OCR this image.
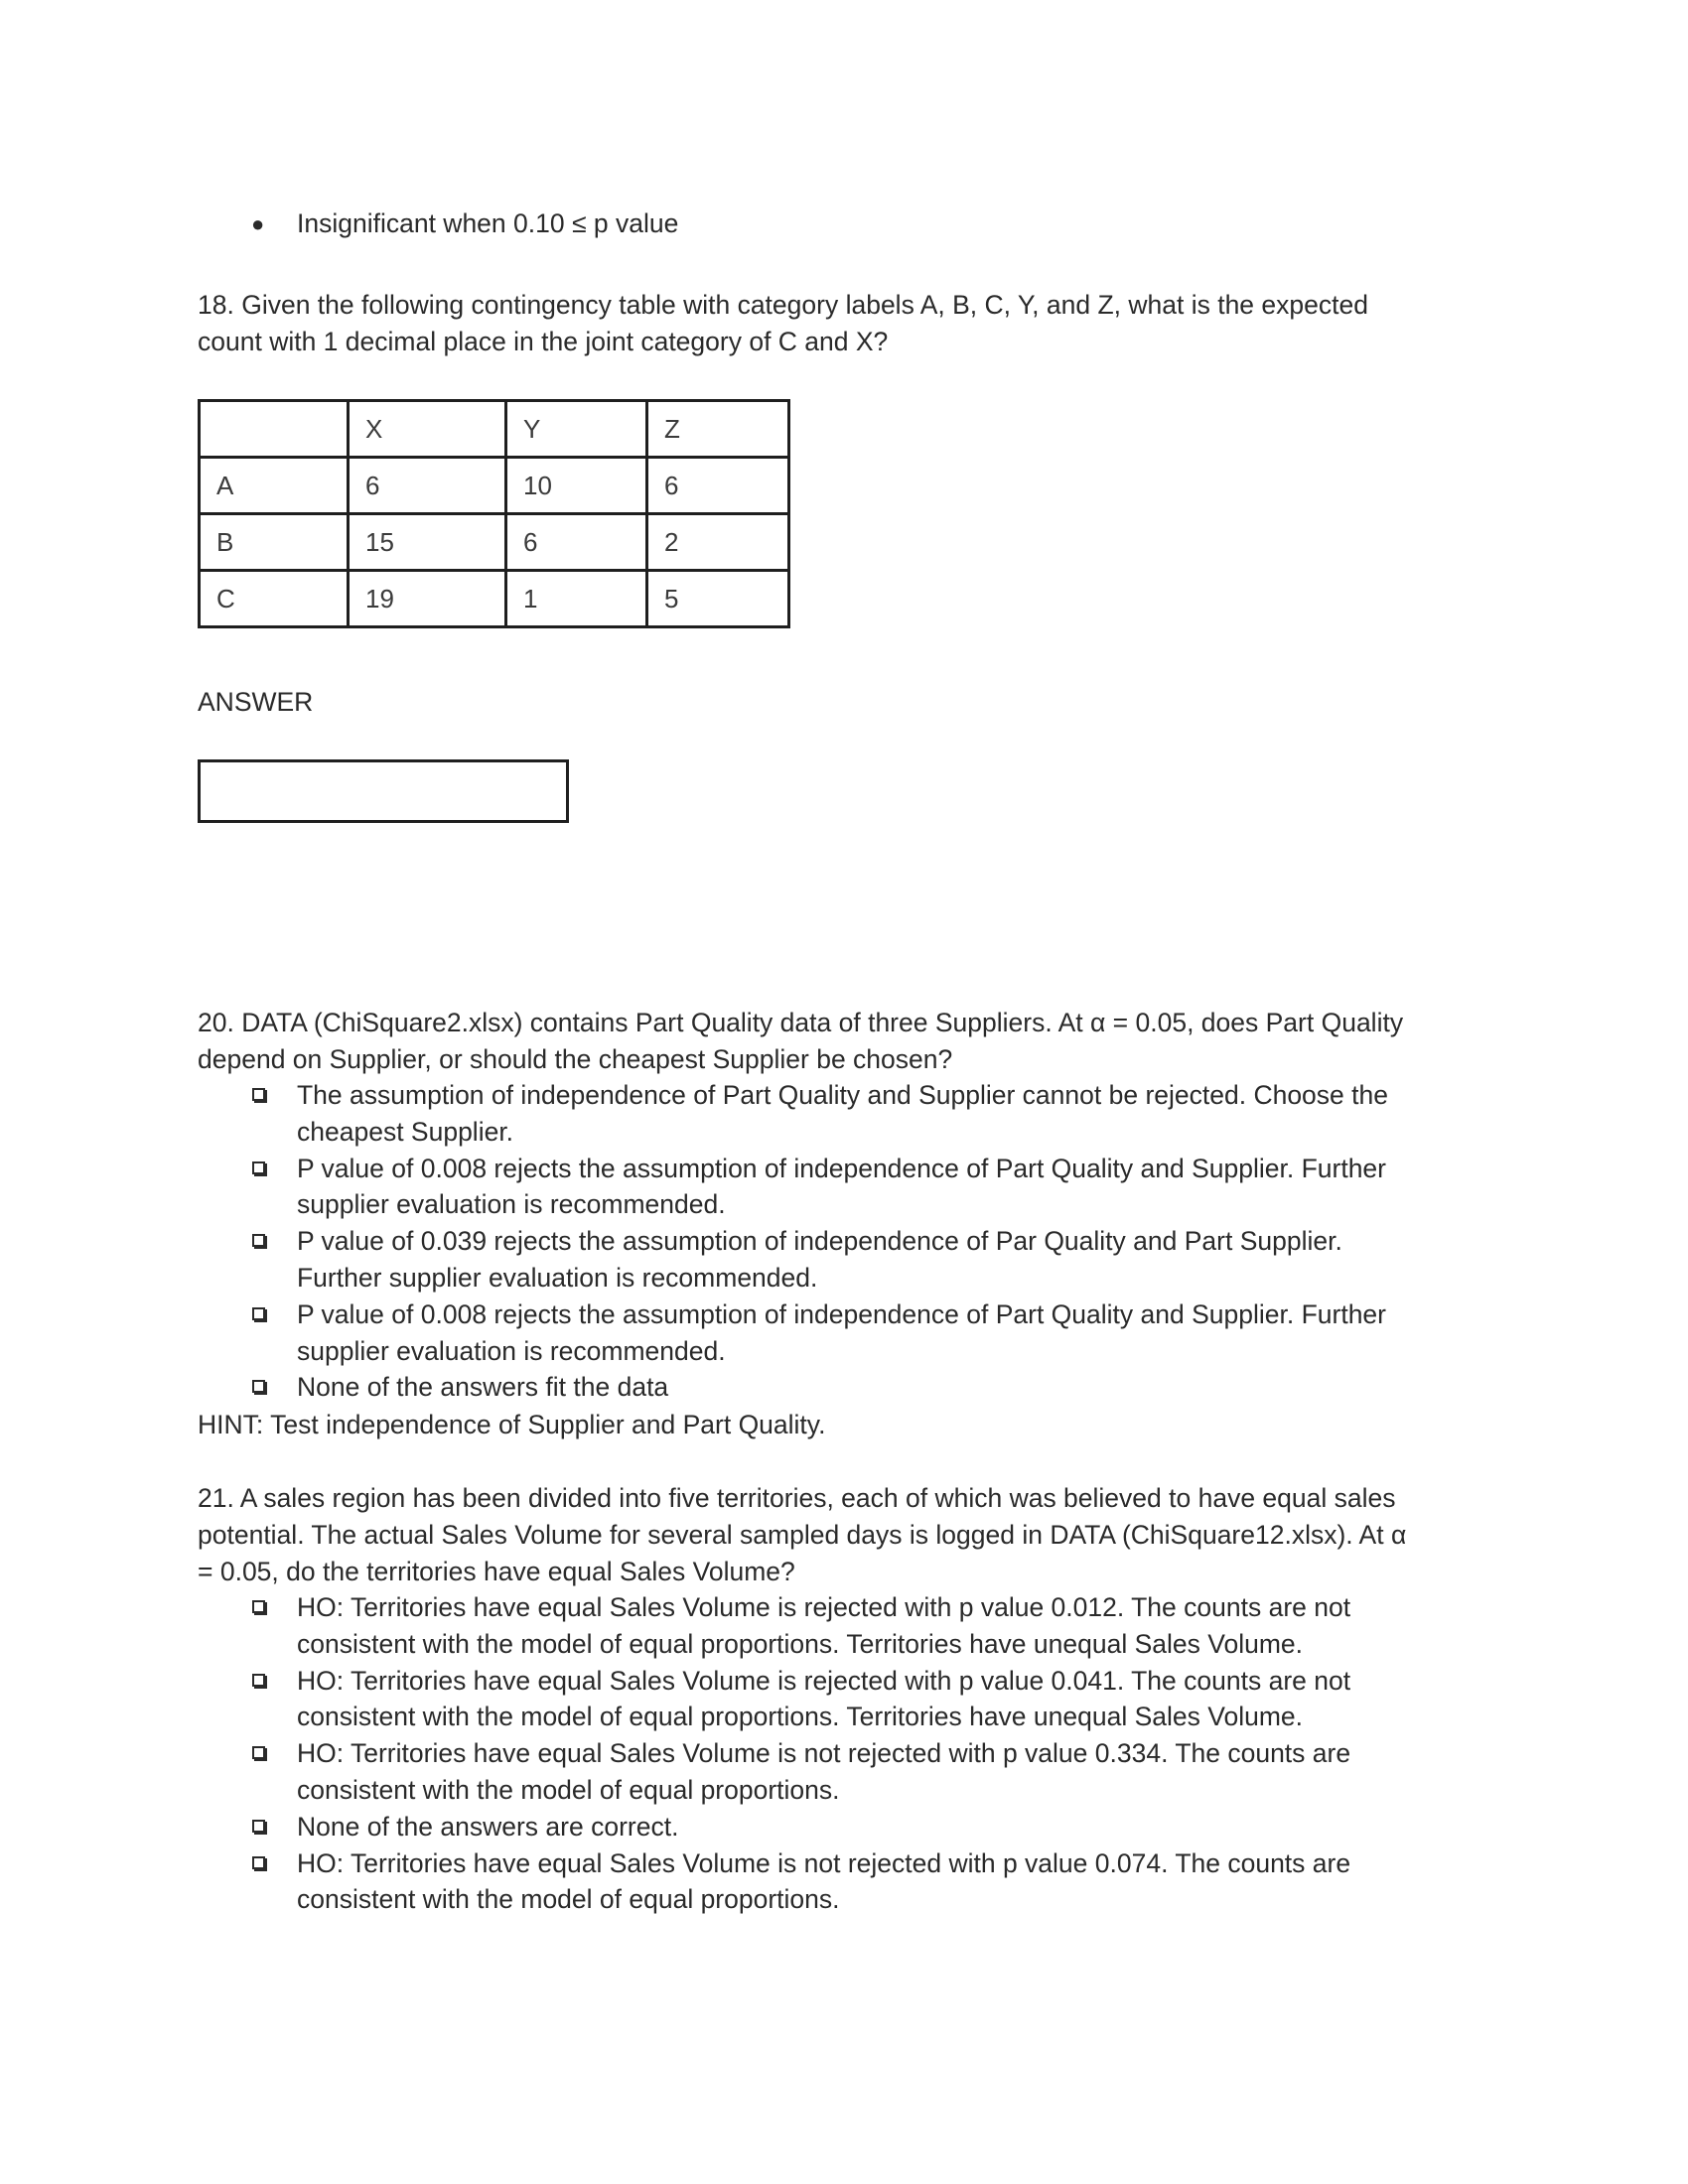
● Insignificant when 0.10 ≤ p value
18. Given the following contingency table with category labels A, B, C, Y, and Z, what is the expected
count with 1 decimal place in the joint category of C and X?
	X	Y	Z
A	6	10	6
B	15	6	2
C	19	1	5
ANSWER
20. DATA (ChiSquare2.xlsx) contains Part Quality data of three Suppliers. At α = 0.05, does Part Quality
depend on Supplier, or should the cheapest Supplier be chosen?
The assumption of independence of Part Quality and Supplier cannot be rejected. Choose the
cheapest Supplier.
P value of 0.008 rejects the assumption of independence of Part Quality and Supplier. Further
supplier evaluation is recommended.
P value of 0.039 rejects the assumption of independence of Par Quality and Part Supplier.
Further supplier evaluation is recommended.
P value of 0.008 rejects the assumption of independence of Part Quality and Supplier. Further
supplier evaluation is recommended.
None of the answers fit the data
HINT: Test independence of Supplier and Part Quality.
21. A sales region has been divided into five territories, each of which was believed to have equal sales
potential. The actual Sales Volume for several sampled days is logged in DATA (ChiSquare12.xlsx). At α
= 0.05, do the territories have equal Sales Volume?
HO: Territories have equal Sales Volume is rejected with p value 0.012. The counts are not
consistent with the model of equal proportions. Territories have unequal Sales Volume.
HO: Territories have equal Sales Volume is rejected with p value 0.041. The counts are not
consistent with the model of equal proportions. Territories have unequal Sales Volume.
HO: Territories have equal Sales Volume is not rejected with p value 0.334. The counts are
consistent with the model of equal proportions.
None of the answers are correct.
HO: Territories have equal Sales Volume is not rejected with p value 0.074. The counts are
consistent with the model of equal proportions.
